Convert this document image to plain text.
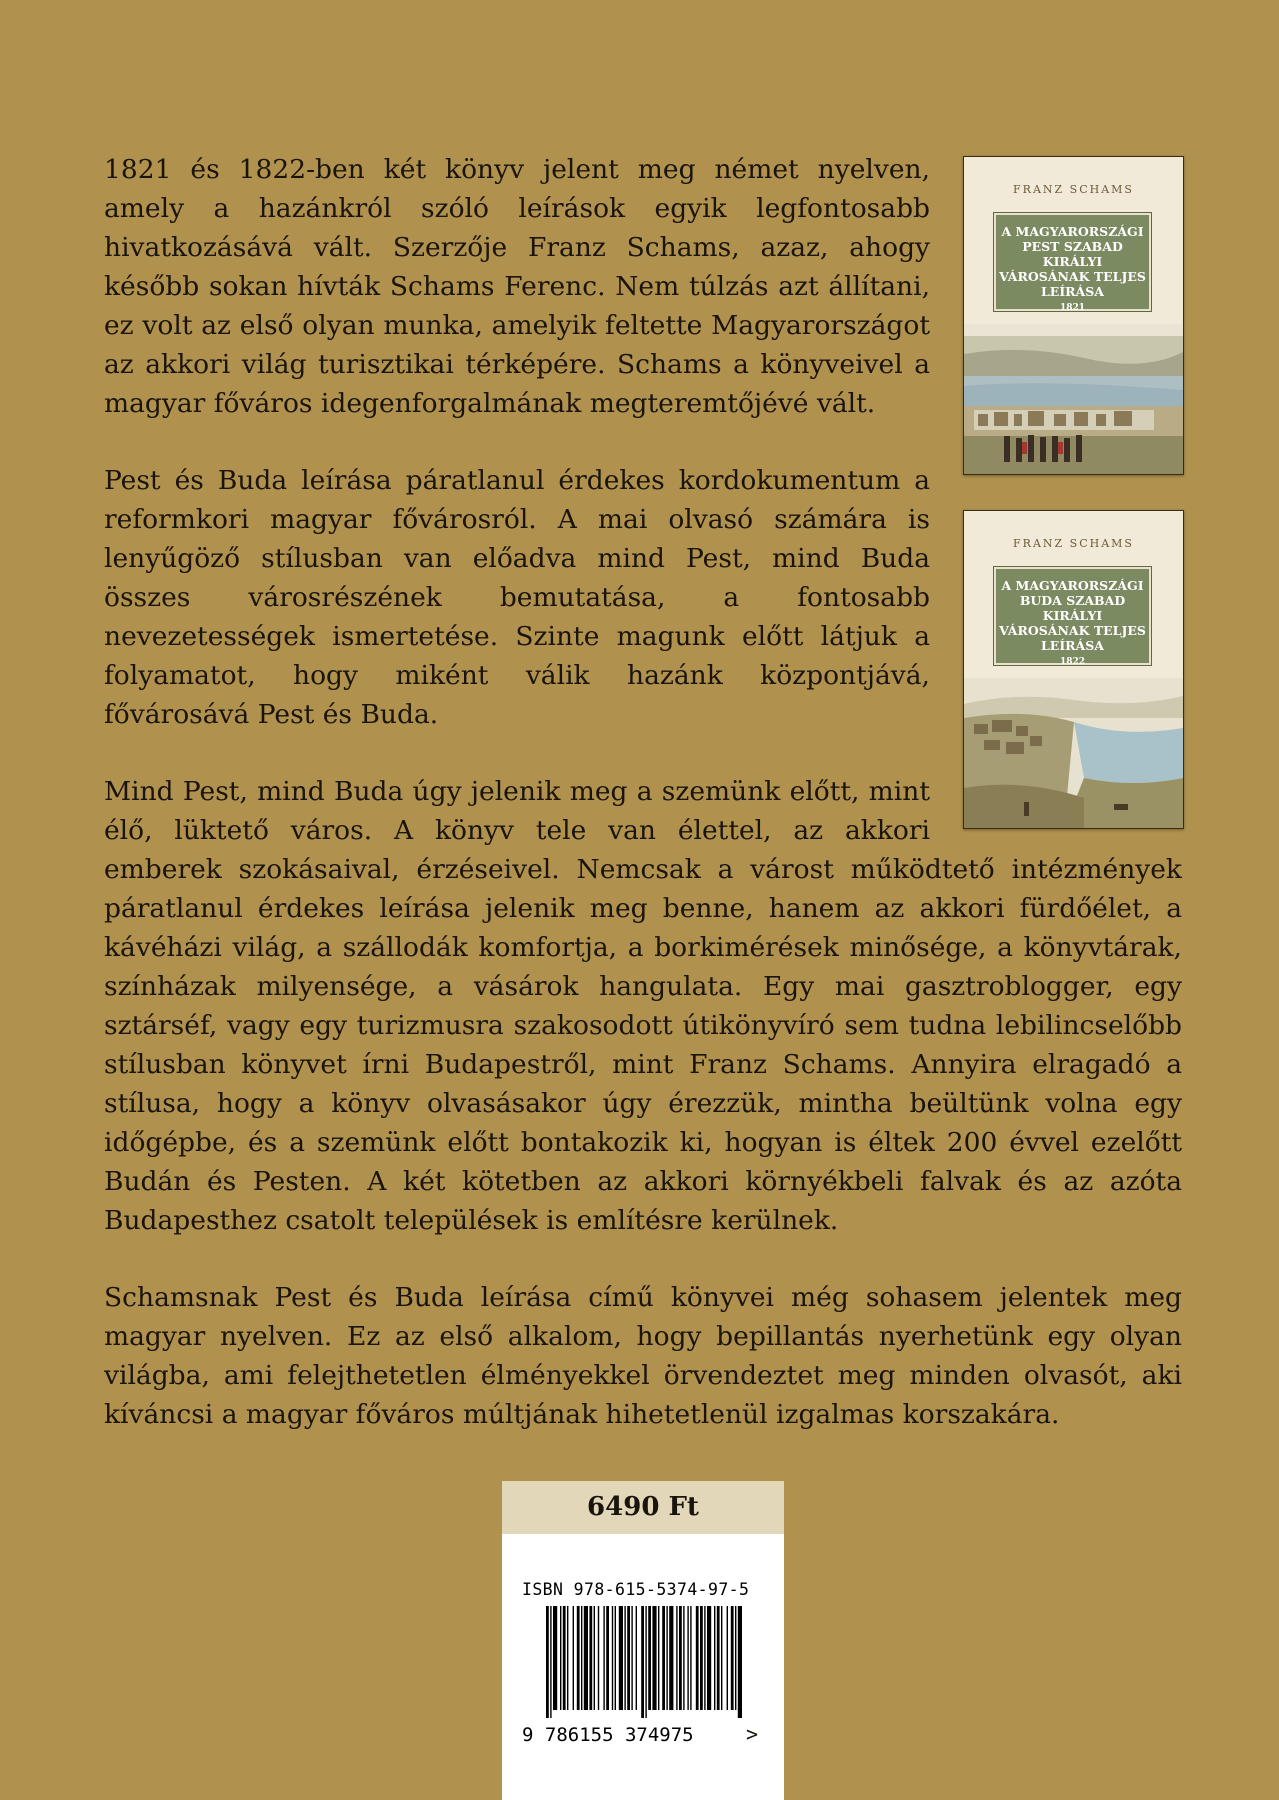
1821 és 1822-ben két könyv jelent meg német nyelven, amely a hazánkról szóló leírások egyik legfontosabb hivatkozásává vált. Szerzője Franz Schams, azaz, ahogy később sokan hívták Schams Ferenc. Nem túlzás azt állítani, ez volt az első olyan munka, amelyik feltette Magyarországot az akkori világ turisztikai térképére. Schams a könyveivel a magyar főváros idegenforgalmának megteremtőjévé vált.

Pest és Buda leírása páratlanul érdekes kordokumentum a reformkori magyar fővárosról. A mai olvasó számára is lenyűgöző stílusban van előadva mind Pest, mind Buda összes városrészének bemutatása, a fontosabb nevezetességek ismertetése. Szinte magunk előtt látjuk a folyamatot, hogy miként válik hazánk központjává, fővárosává Pest és Buda.

Mind Pest, mind Buda úgy jelenik meg a szemünk előtt, mint élő, lüktető város. A könyv tele van élettel, az akkori emberek szokásaival, érzéseivel. Nemcsak a várost működtető intézmények páratlanul érdekes leírása jelenik meg benne, hanem az akkori fürdőélet, a kávéházi világ, a szállodák komfortja, a borkimérések minősége, a könyvtárak, színházak milyensége, a vásárok hangulata. Egy mai gasztroblogger, egy sztárséf, vagy egy turizmusra szakosodott útikönyvíró sem tudna lebilincselőbb stílusban könyvet írni Budapestről, mint Franz Schams. Annyira elragadó a stílusa, hogy a könyv olvasásakor úgy érezzük, mintha beültünk volna egy időgépbe, és a szemünk előtt bontakozik ki, hogyan is éltek 200 évvel ezelőtt Budán és Pesten. A két kötetben az akkori környékbeli falvak és az azóta Budapesthez csatolt települések is említésre kerülnek.

Schamsnak Pest és Buda leírása című könyvei még sohasem jelentek meg magyar nyelven. Ez az első alkalom, hogy bepillantás nyerhetünk egy olyan világba, ami felejthetetlen élményekkel örvendeztet meg minden olvasót, aki kíváncsi a magyar főváros múltjának hihetetlenül izgalmas korszakára.

FRANZ SCHAMS
A MAGYARORSZÁGI
PEST SZABAD KIRÁLYI
VÁROSÁNAK TELJES
LEÍRÁSA
1821
FRANZ SCHAMS
A MAGYARORSZÁGI
BUDA SZABAD KIRÁLYI
VÁROSÁNAK TELJES
LEÍRÁSA
1822
6490 Ft
ISBN 978-615-5374-97-5
9 786155 374975	>
